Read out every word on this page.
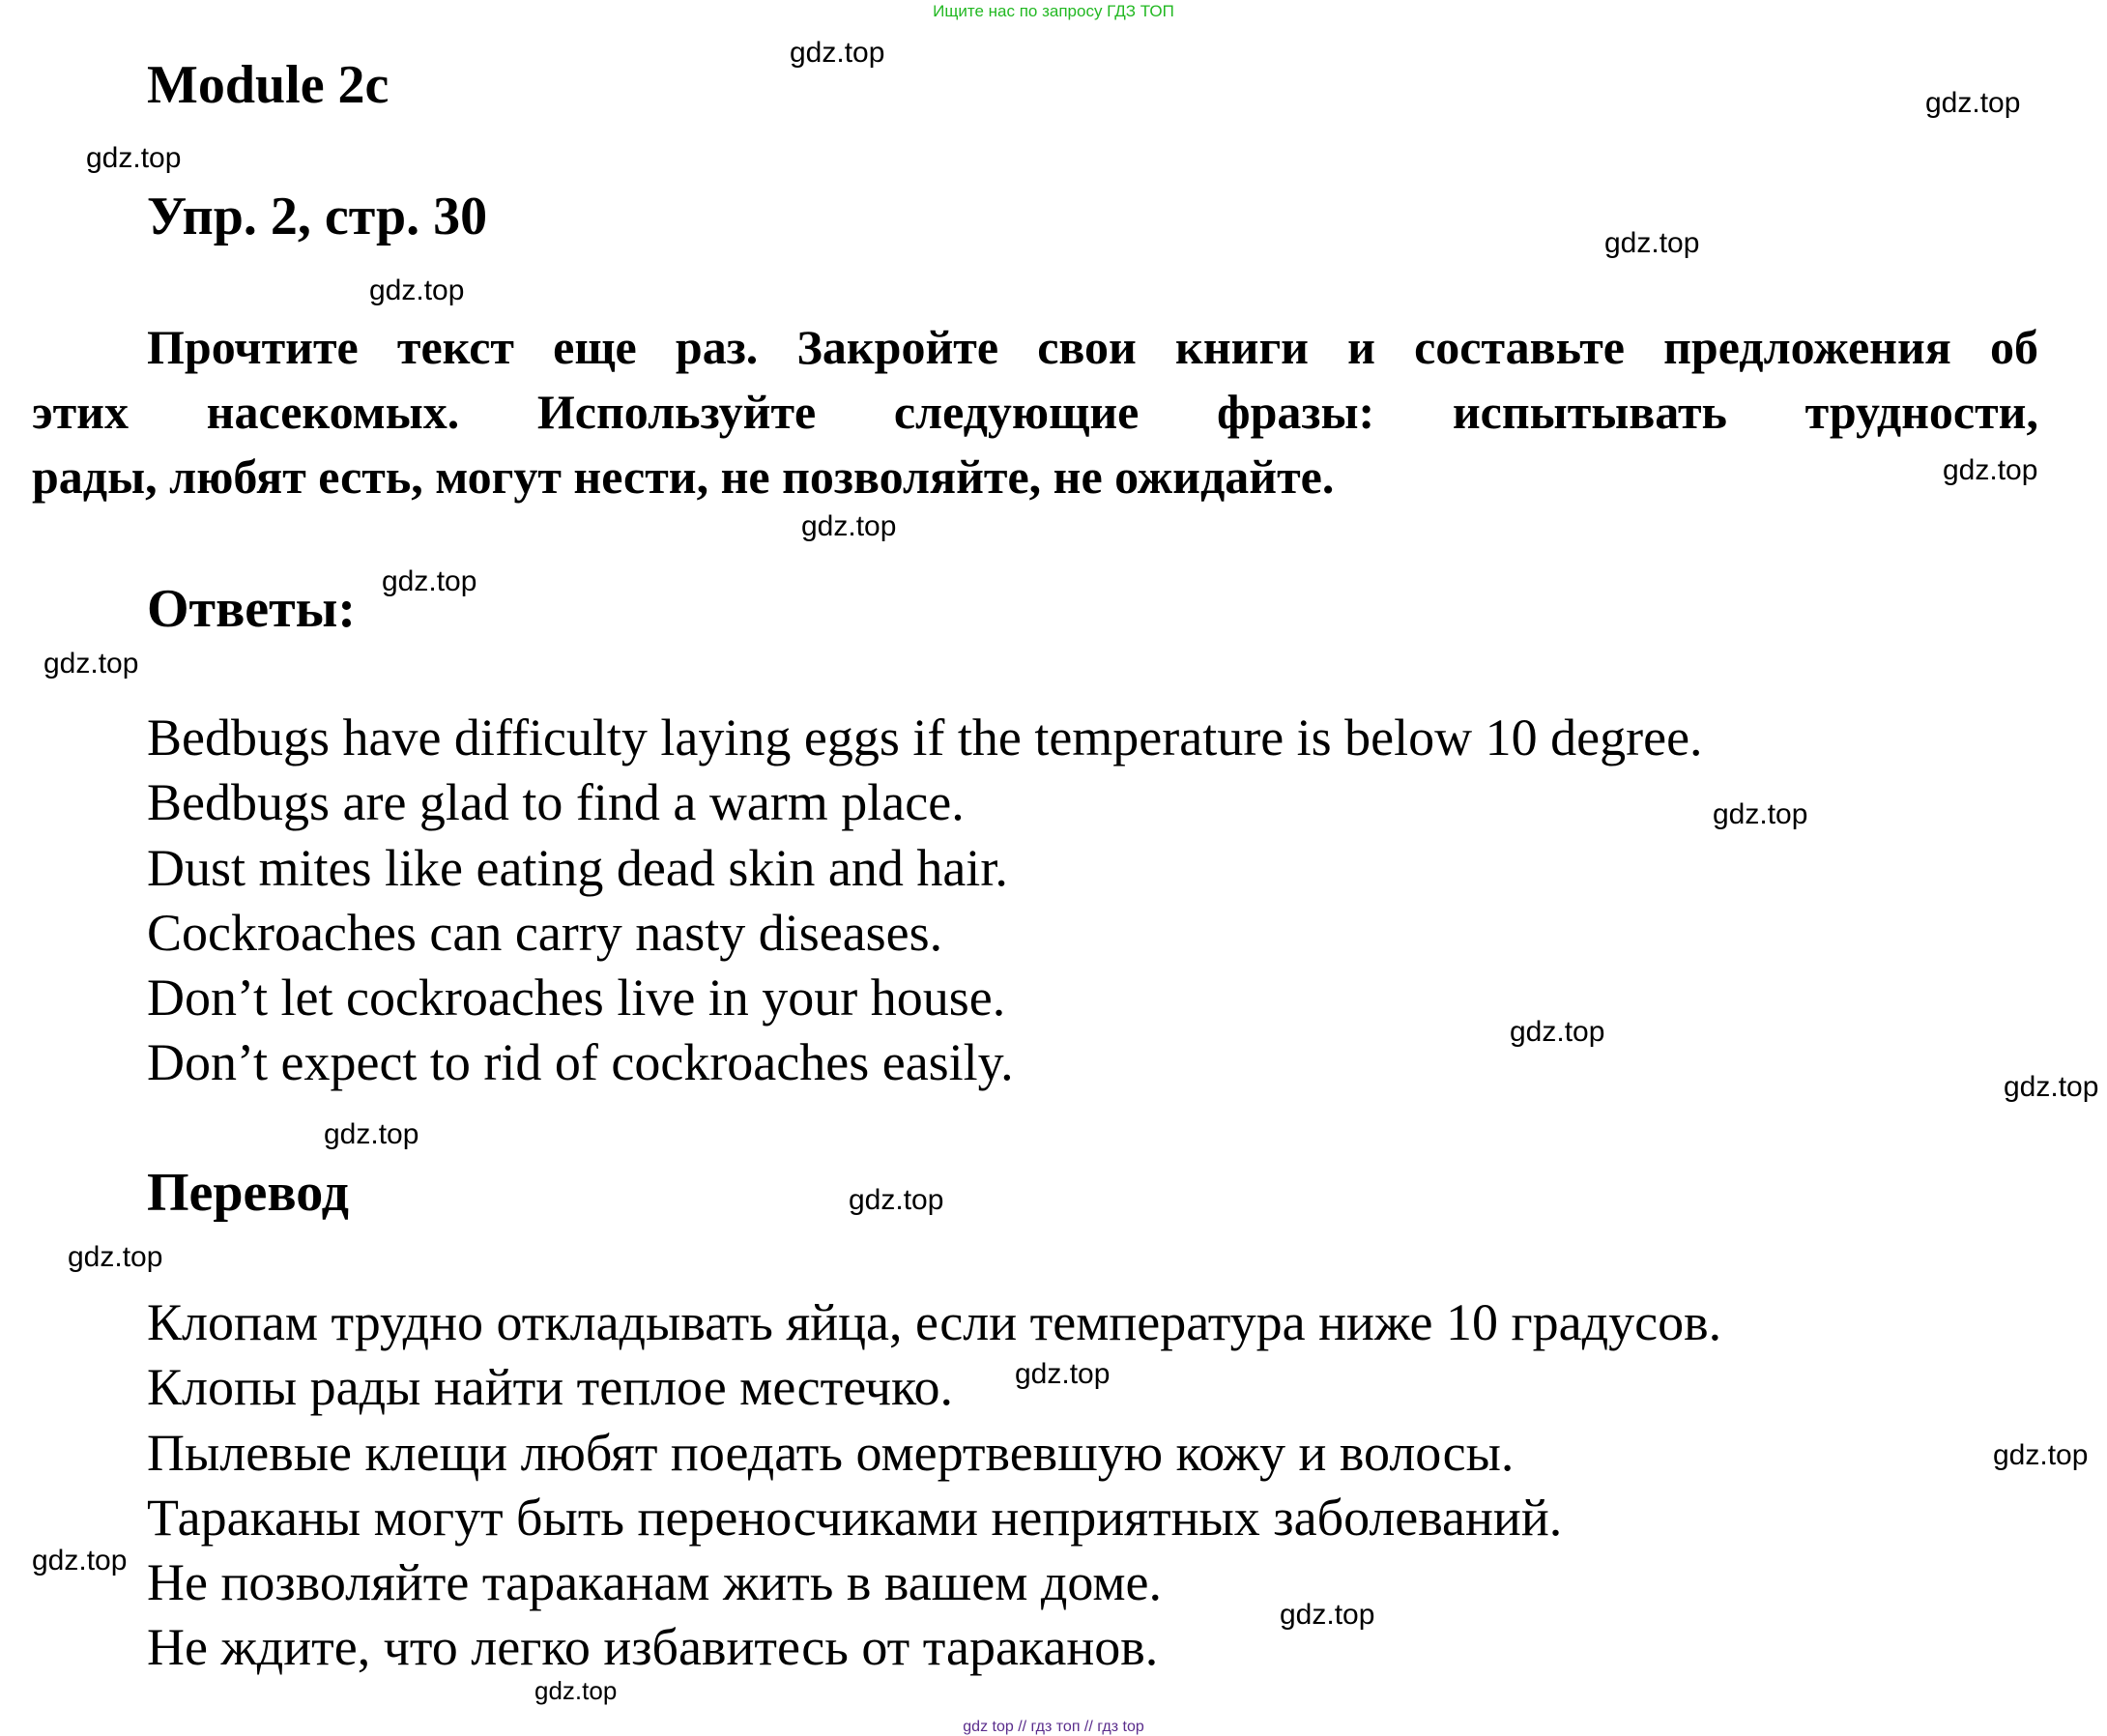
Ищите нас по запросу ГДЗ ТОП
Module 2c
Упр. 2, стр. 30

Прочтите текст еще раз. Закройте свои книги и составьте предложения об

этих насекомых. Используйте следующие фразы: испытывать трудности,

рады, любят есть, могут нести, не позволяйте, не ожидайте.

Ответы:
Bedbugs have difficulty laying eggs if the temperature is below 10 degree.
Bedbugs are glad to find a warm place.
Dust mites like eating dead skin and hair.
Cockroaches can carry nasty diseases.
Don’t let cockroaches live in your house.
Don’t expect to rid of cockroaches easily.
Перевод
Клопам трудно откладывать яйца, если температура ниже 10 градусов.
Клопы рады найти теплое местечко.
Пылевые клещи любят поедать омертвевшую кожу и волосы.
Тараканы могут быть переносчиками неприятных заболеваний.
Не позволяйте тараканам жить в вашем доме.
Не ждите, что легко избавитесь от тараканов.
gdz.top
gdz.top
gdz.top
gdz.top
gdz.top
gdz.top
gdz.top
gdz.top
gdz.top
gdz.top
gdz.top
gdz.top
gdz.top
gdz.top
gdz.top
gdz.top
gdz.top
gdz.top
gdz.top
gdz.top
gdz top // гдз топ // гдз top
